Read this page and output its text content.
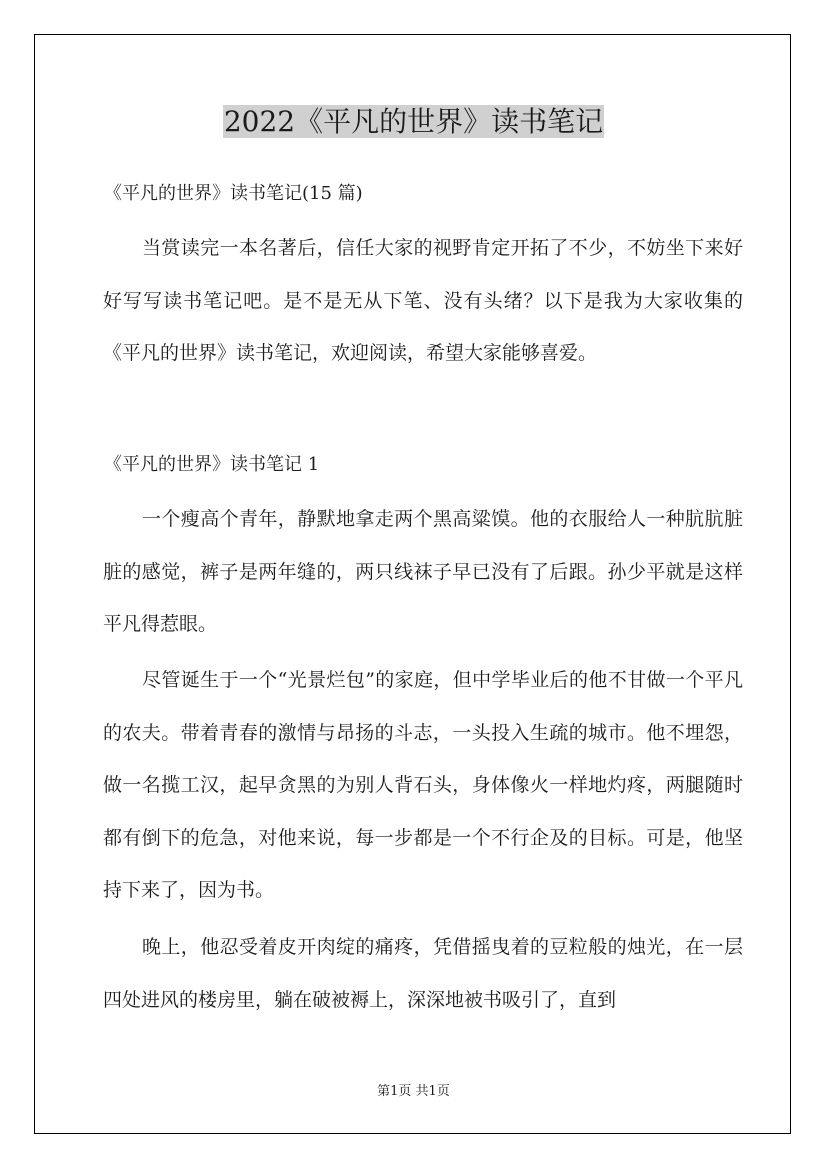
2022《平凡的世界》读书笔记

《平凡的世界》读书笔记(15 篇)

当赏读完一本名著后，信任大家的视野肯定开拓了不少，不妨坐下来好好写写读书笔记吧。是不是无从下笔、没有头绪？以下是我为大家收集的《平凡的世界》读书笔记，欢迎阅读，希望大家能够喜爱。

《平凡的世界》读书笔记 1

一个瘦高个青年，静默地拿走两个黑高粱馍。他的衣服给人一种肮肮脏脏的感觉，裤子是两年缝的，两只线袜子早已没有了后跟。孙少平就是这样平凡得惹眼。

尽管诞生于一个“光景烂包”的家庭，但中学毕业后的他不甘做一个平凡的农夫。带着青春的激情与昂扬的斗志，一头投入生疏的城市。他不埋怨，做一名揽工汉，起早贪黑的为别人背石头，身体像火一样地灼疼，两腿随时都有倒下的危急，对他来说，每一步都是一个不行企及的目标。可是，他坚持下来了，因为书。

晚上，他忍受着皮开肉绽的痛疼，凭借摇曳着的豆粒般的烛光，在一层四处进风的楼房里，躺在破被褥上，深深地被书吸引了，直到

第1页 共1页
